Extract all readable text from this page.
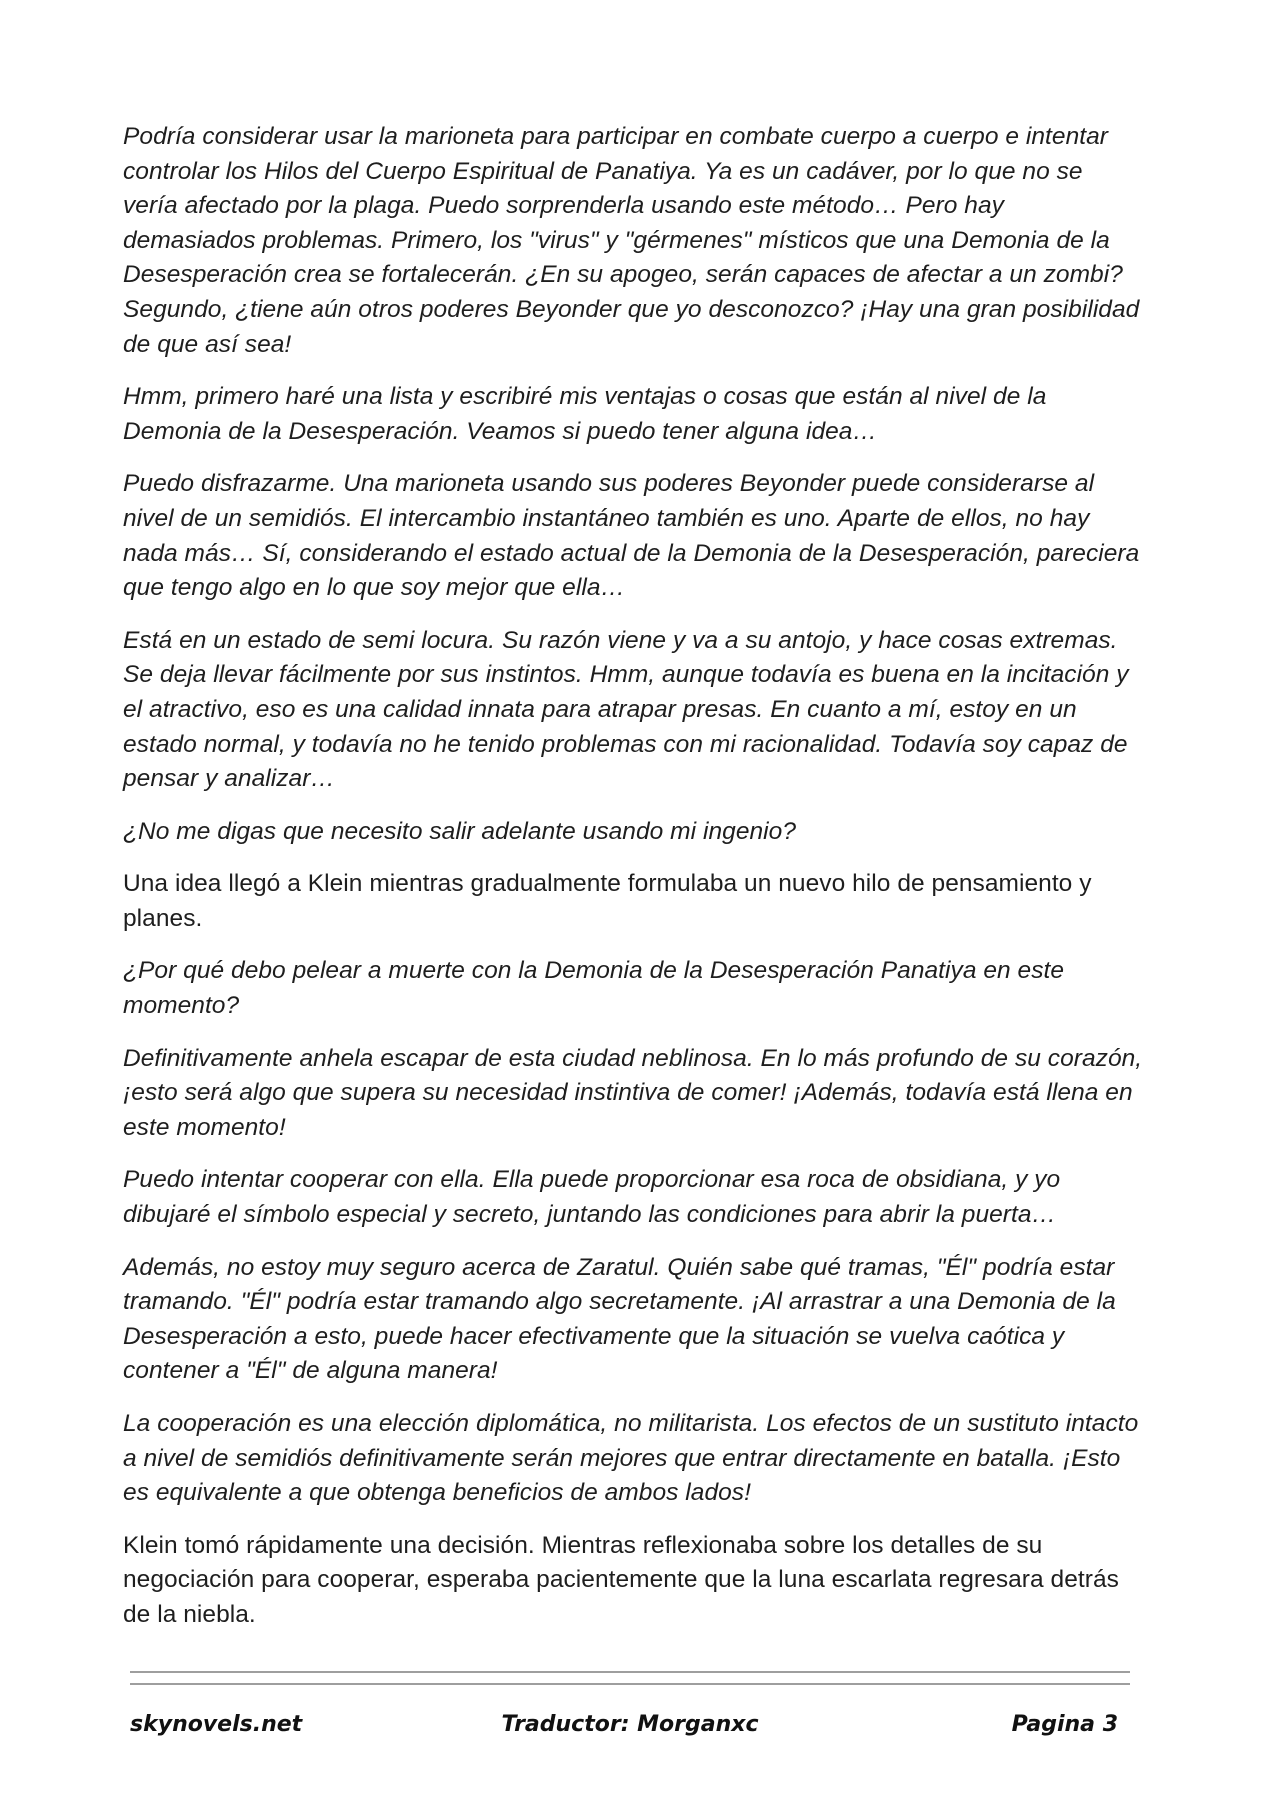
Podría considerar usar la marioneta para participar en combate cuerpo a cuerpo e intentar controlar los Hilos del Cuerpo Espiritual de Panatiya. Ya es un cadáver, por lo que no se vería afectado por la plaga. Puedo sorprenderla usando este método… Pero hay demasiados problemas. Primero, los "virus" y "gérmenes" místicos que una Demonia de la Desesperación crea se fortalecerán. ¿En su apogeo, serán capaces de afectar a un zombi? Segundo, ¿tiene aún otros poderes Beyonder que yo desconozco? ¡Hay una gran posibilidad de que así sea!

Hmm, primero haré una lista y escribiré mis ventajas o cosas que están al nivel de la Demonia de la Desesperación. Veamos si puedo tener alguna idea…

Puedo disfrazarme. Una marioneta usando sus poderes Beyonder puede considerarse al nivel de un semidiós. El intercambio instantáneo también es uno. Aparte de ellos, no hay nada más… Sí, considerando el estado actual de la Demonia de la Desesperación, pareciera que tengo algo en lo que soy mejor que ella…

Está en un estado de semi locura. Su razón viene y va a su antojo, y hace cosas extremas. Se deja llevar fácilmente por sus instintos. Hmm, aunque todavía es buena en la incitación y el atractivo, eso es una calidad innata para atrapar presas. En cuanto a mí, estoy en un estado normal, y todavía no he tenido problemas con mi racionalidad. Todavía soy capaz de pensar y analizar…

¿No me digas que necesito salir adelante usando mi ingenio?

Una idea llegó a Klein mientras gradualmente formulaba un nuevo hilo de pensamiento y planes.

¿Por qué debo pelear a muerte con la Demonia de la Desesperación Panatiya en este momento?

Definitivamente anhela escapar de esta ciudad neblinosa. En lo más profundo de su corazón, ¡esto será algo que supera su necesidad instintiva de comer! ¡Además, todavía está llena en este momento!

Puedo intentar cooperar con ella. Ella puede proporcionar esa roca de obsidiana, y yo dibujaré el símbolo especial y secreto, juntando las condiciones para abrir la puerta…

Además, no estoy muy seguro acerca de Zaratul. Quién sabe qué tramas, "Él" podría estar tramando. "Él" podría estar tramando algo secretamente. ¡Al arrastrar a una Demonia de la Desesperación a esto, puede hacer efectivamente que la situación se vuelva caótica y contener a "Él" de alguna manera!

La cooperación es una elección diplomática, no militarista. Los efectos de un sustituto intacto a nivel de semidiós definitivamente serán mejores que entrar directamente en batalla. ¡Esto es equivalente a que obtenga beneficios de ambos lados!

Klein tomó rápidamente una decisión. Mientras reflexionaba sobre los detalles de su negociación para cooperar, esperaba pacientemente que la luna escarlata regresara detrás de la niebla.

skynovels.net	Traductor: Morganxc	Pagina 3
